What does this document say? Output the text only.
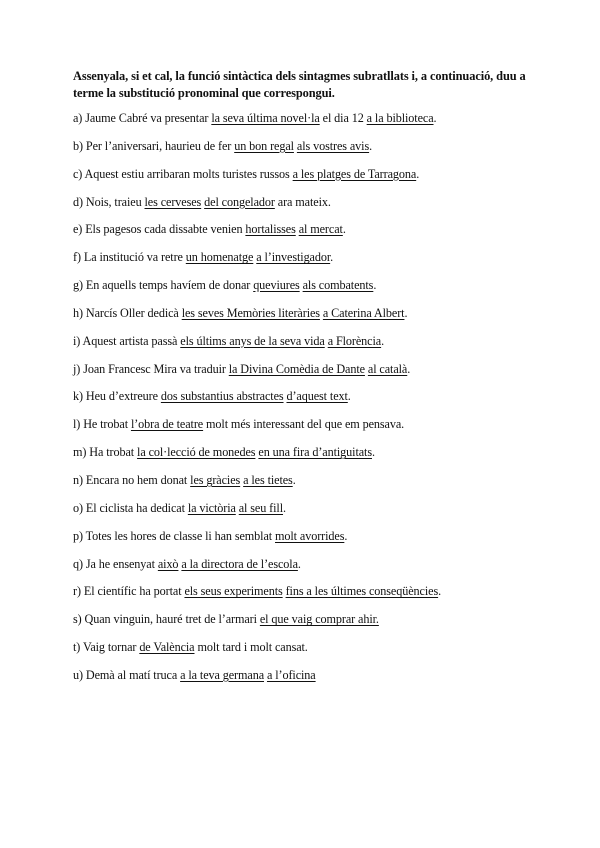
Assenyala, si et cal, la funció sintàctica dels sintagmes subratllats i, a continuació, duu a terme la substitució pronominal que correspongui.
a) Jaume Cabré va presentar la seva última novel·la el dia 12 a la biblioteca.
b) Per l’aniversari, haurieu de fer un bon regal als vostres avis.
c) Aquest estiu arribaran molts turistes russos a les platges de Tarragona.
d) Nois, traieu les cerveses del congelador ara mateix.
e) Els pagesos cada dissabte venien hortalisses al mercat.
f) La institució va retre un homenatge a l’investigador.
g) En aquells temps havíem de donar queviures als combatents.
h) Narcís Oller dedicà les seves Memòries literàries a Caterina Albert.
i) Aquest artista passà els últims anys de la seva vida a Florència.
j) Joan Francesc Mira va traduir la Divina Comèdia de Dante al català.
k) Heu d’extreure dos substantius abstractes d’aquest text.
l) He trobat l’obra de teatre molt més interessant del que em pensava.
m) Ha trobat la col·lecció de monedes en una fira d’antiguitats.
n) Encara no hem donat les gràcies a les tietes.
o) El ciclista ha dedicat la victòria al seu fill.
p) Totes les hores de classe li han semblat molt avorrides.
q) Ja he ensenyat això a la directora de l’escola.
r) El científic ha portat els seus experiments fins a les últimes conseqüències.
s) Quan vinguin, hauré tret de l’armari el que vaig comprar ahir.
t) Vaig tornar de València molt tard i molt cansat.
u) Demà al matí truca a la teva germana a l’oficina
